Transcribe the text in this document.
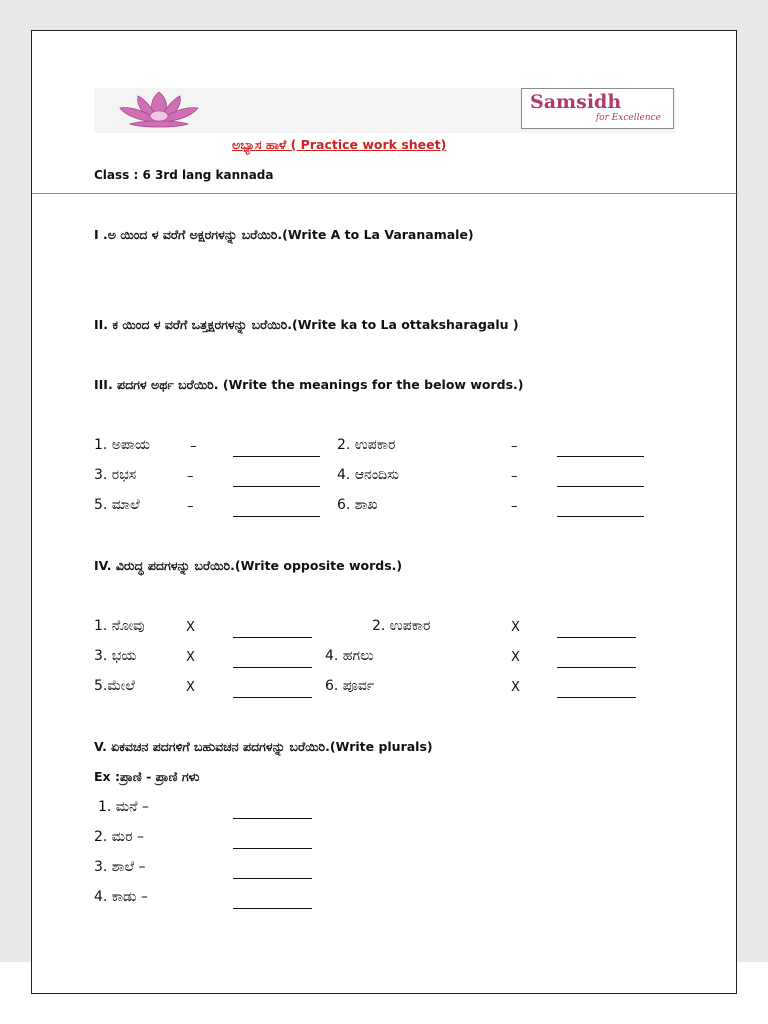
Samsidh
for Excellence
ಅಭ್ಯಾಸ ಹಾಳೆ ( Practice work sheet)
Class : 6 3rd lang kannada
I .ಅ ಯಿಂದ ಳ ವರೆಗೆ ಅಕ್ಷರಗಳನ್ನು ಬರೆಯಿರಿ.(Write A to La Varanamale)
II. ಕ ಯಿಂದ ಳ ವರೆಗೆ ಒತ್ತಕ್ಷರಗಳನ್ನು ಬರೆಯಿರಿ.(Write ka to La ottaksharagalu )
III. ಪದಗಳ ಅರ್ಥ ಬರೆಯಿರಿ. (Write the meanings for the below words.)
1. ಅಪಾಯ	–	2. ಉಪಕಾರ	–
3. ರಭಸ	–	4. ಆನಂದಿಸು	–
5. ಮಾಲೆ	–	6. ಶಾಖ	–
IV. ವಿರುದ್ಧ ಪದಗಳನ್ನು ಬರೆಯಿರಿ.(Write opposite words.)
1. ನೋವು	X	2. ಉಪಕಾರ	X
3. ಭಯ	X	4. ಹಗಲು	X
5.ಮೇಲೆ	X	6. ಪೂರ್ವ	X
V. ಏಕವಚನ ಪದಗಳಿಗೆ ಬಹುವಚನ ಪದಗಳನ್ನು ಬರೆಯಿರಿ.(Write plurals)
Ex :ಪ್ರಾಣಿ - ಪ್ರಾಣಿ ಗಳು
1. ಮನೆ –
2. ಮರ –
3. ಶಾಲೆ –
4. ಕಾಡು –
